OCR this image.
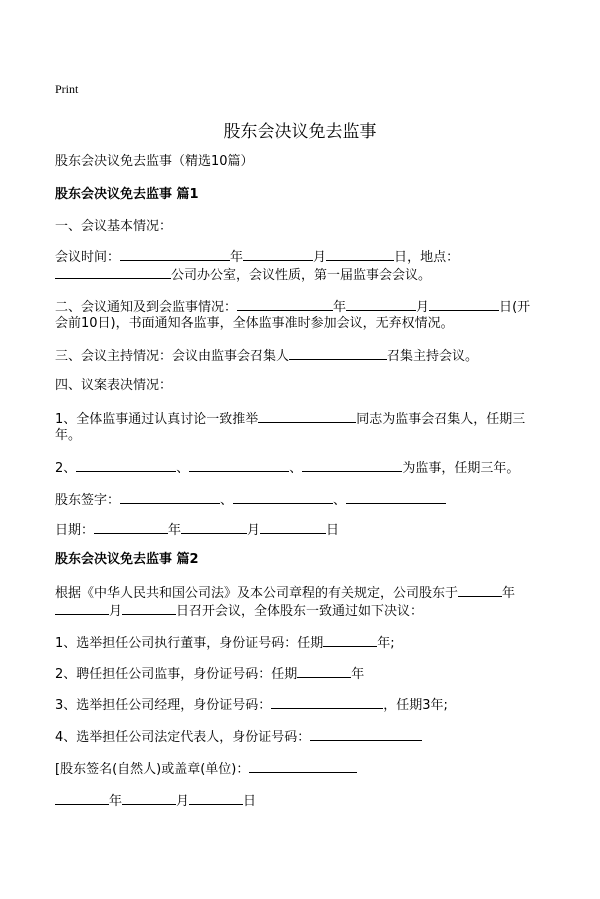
Print
股东会决议免去监事
股东会决议免去监事（精选10篇）
股东会决议免去监事 篇1
一、会议基本情况：
会议时间：	年	月	日，地点：
公司办公室，会议性质，第一届监事会会议。
二、会议通知及到会监事情况：	年	月	日(开
会前10日)，书面通知各监事，全体监事准时参加会议，无弃权情况。
三、会议主持情况：会议由监事会召集人	召集主持会议。
四、议案表决情况：
1、全体监事通过认真讨论一致推举	同志为监事会召集人，任期三
年。
2、	、	、	为监事，任期三年。
股东签字：	、	、
日期：	年	月	日
股东会决议免去监事 篇2
根据《中华人民共和国公司法》及本公司章程的有关规定，公司股东于	年
月	日召开会议，全体股东一致通过如下决议：
1、选举担任公司执行董事，身份证号码：任期	年;
2、聘任担任公司监事，身份证号码：任期	年
3、选举担任公司经理，身份证号码：	，任期3年;
4、选举担任公司法定代表人，身份证号码：
[股东签名(自然人)或盖章(单位)：
年	月	日
